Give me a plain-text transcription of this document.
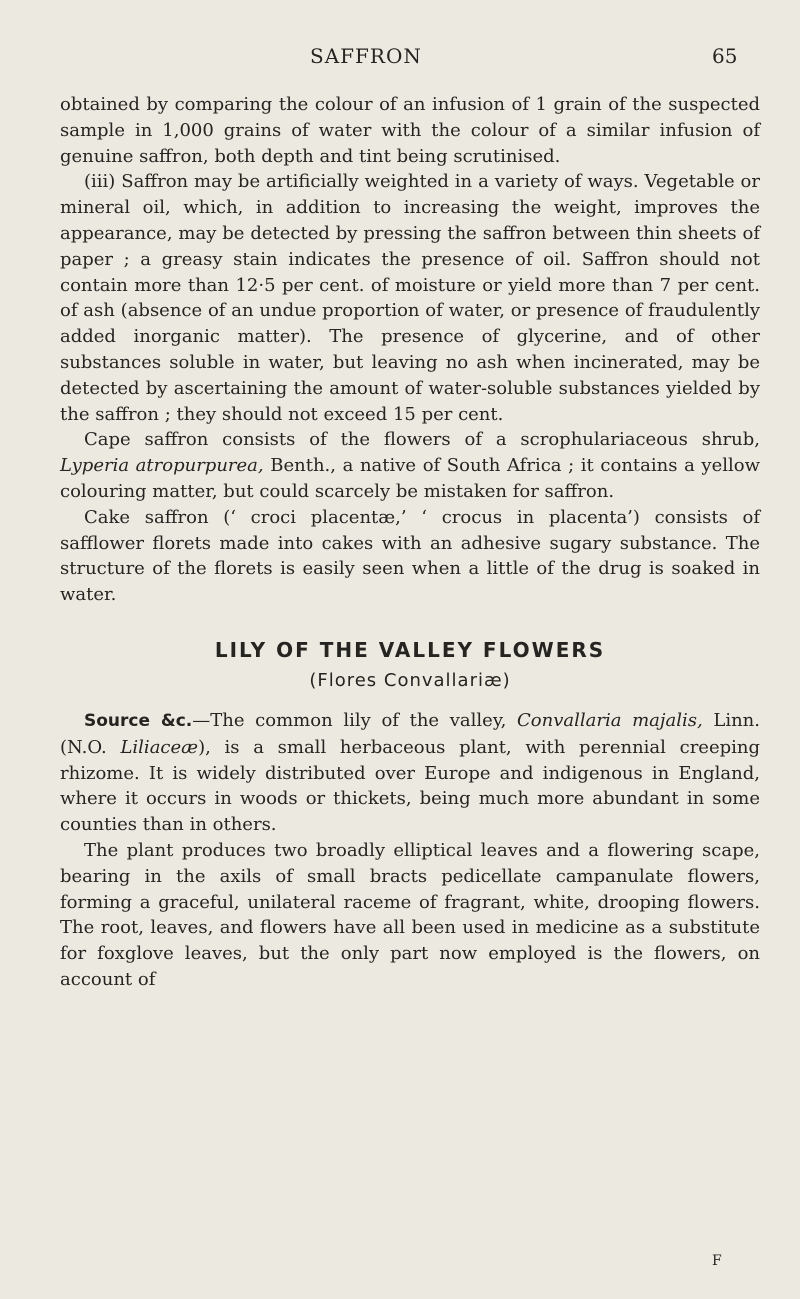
SAFFRON	65

obtained by comparing the colour of an infusion of 1 grain of the suspected sample in 1,000 grains of water with the colour of a similar infusion of genuine saffron, both depth and tint being scrutinised.

(iii) Saffron may be artificially weighted in a variety of ways. Vegetable or mineral oil, which, in addition to increasing the weight, improves the appearance, may be detected by pressing the saffron between thin sheets of paper ; a greasy stain indicates the presence of oil. Saffron should not contain more than 12·5 per cent. of moisture or yield more than 7 per cent. of ash (absence of an undue proportion of water, or presence of fraudulently added inorganic matter). The presence of glycerine, and of other substances soluble in water, but leaving no ash when incinerated, may be detected by ascertaining the amount of water-soluble substances yielded by the saffron ; they should not exceed 15 per cent.

Cape saffron consists of the flowers of a scrophulariaceous shrub, Lyperia atropurpurea, Benth., a native of South Africa ; it contains a yellow colouring matter, but could scarcely be mistaken for saffron.

Cake saffron (‘ croci placentæ,’ ‘ crocus in placenta’) consists of safflower florets made into cakes with an adhesive sugary substance. The structure of the florets is easily seen when a little of the drug is soaked in water.

LILY OF THE VALLEY FLOWERS
(Flores Convallariæ)

Source &c.—The common lily of the valley, Convallaria majalis, Linn. (N.O. Liliaceæ), is a small herbaceous plant, with perennial creeping rhizome. It is widely distributed over Europe and indigenous in England, where it occurs in woods or thickets, being much more abundant in some counties than in others.

The plant produces two broadly elliptical leaves and a flowering scape, bearing in the axils of small bracts pedicellate campanulate flowers, forming a graceful, unilateral raceme of fragrant, white, drooping flowers. The root, leaves, and flowers have all been used in medicine as a substitute for foxglove leaves, but the only part now employed is the flowers, on account of

F
